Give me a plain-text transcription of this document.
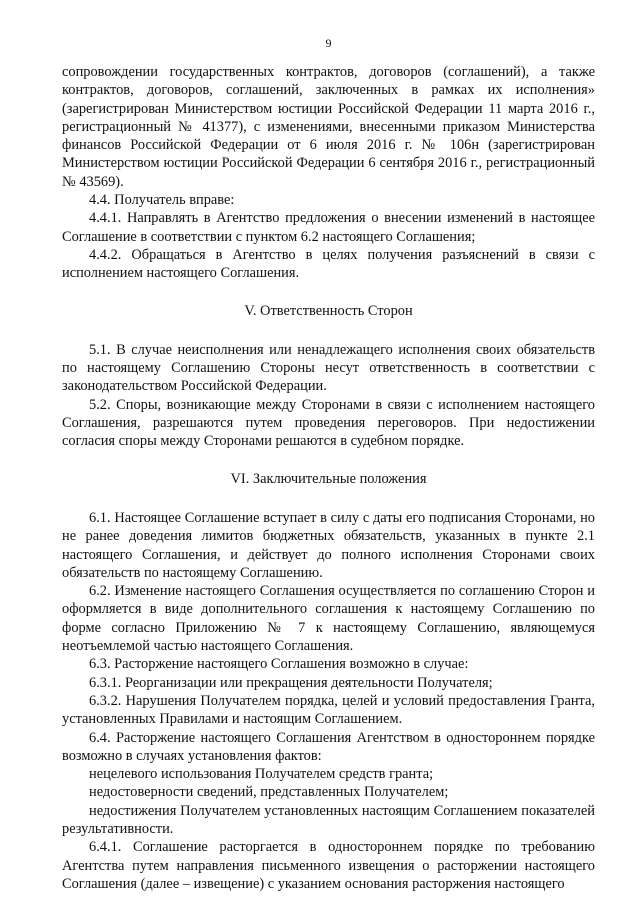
9

сопровождении государственных контрактов, договоров (соглашений), а также контрактов, договоров, соглашений, заключенных в рамках их исполнения» (зарегистрирован Министерством юстиции Российской Федерации 11 марта 2016 г., регистрационный № 41377), с изменениями, внесенными приказом Министерства финансов Российской Федерации от 6 июля 2016 г. № 106н (зарегистрирован Министерством юстиции Российской Федерации 6 сентября 2016 г., регистрационный № 43569).

4.4. Получатель вправе:

4.4.1. Направлять в Агентство предложения о внесении изменений в настоящее Соглашение в соответствии с пунктом 6.2 настоящего Соглашения;

4.4.2. Обращаться в Агентство в целях получения разъяснений в связи с исполнением настоящего Соглашения.

V. Ответственность Сторон

5.1. В случае неисполнения или ненадлежащего исполнения своих обязательств по настоящему Соглашению Стороны несут ответственность в соответствии с законодательством Российской Федерации.

5.2. Споры, возникающие между Сторонами в связи с исполнением настоящего Соглашения, разрешаются путем проведения переговоров. При недостижении согласия споры между Сторонами решаются в судебном порядке.

VI. Заключительные положения

6.1. Настоящее Соглашение вступает в силу с даты его подписания Сторонами, но не ранее доведения лимитов бюджетных обязательств, указанных в пункте 2.1 настоящего Соглашения, и действует до полного исполнения Сторонами своих обязательств по настоящему Соглашению.

6.2. Изменение настоящего Соглашения осуществляется по соглашению Сторон и оформляется в виде дополнительного соглашения к настоящему Соглашению по форме согласно Приложению № 7 к настоящему Соглашению, являющемуся неотъемлемой частью настоящего Соглашения.

6.3. Расторжение настоящего Соглашения возможно в случае:

6.3.1. Реорганизации или прекращения деятельности Получателя;

6.3.2. Нарушения Получателем порядка, целей и условий предоставления Гранта, установленных Правилами и настоящим Соглашением.

6.4. Расторжение настоящего Соглашения Агентством в одностороннем порядке возможно в случаях установления фактов:

нецелевого использования Получателем средств гранта;

недостоверности сведений, представленных Получателем;

недостижения Получателем установленных настоящим Соглашением показателей результативности.

6.4.1. Соглашение расторгается в одностороннем порядке по требованию Агентства путем направления письменного извещения о расторжении настоящего Соглашения (далее – извещение) с указанием основания расторжения настоящего
